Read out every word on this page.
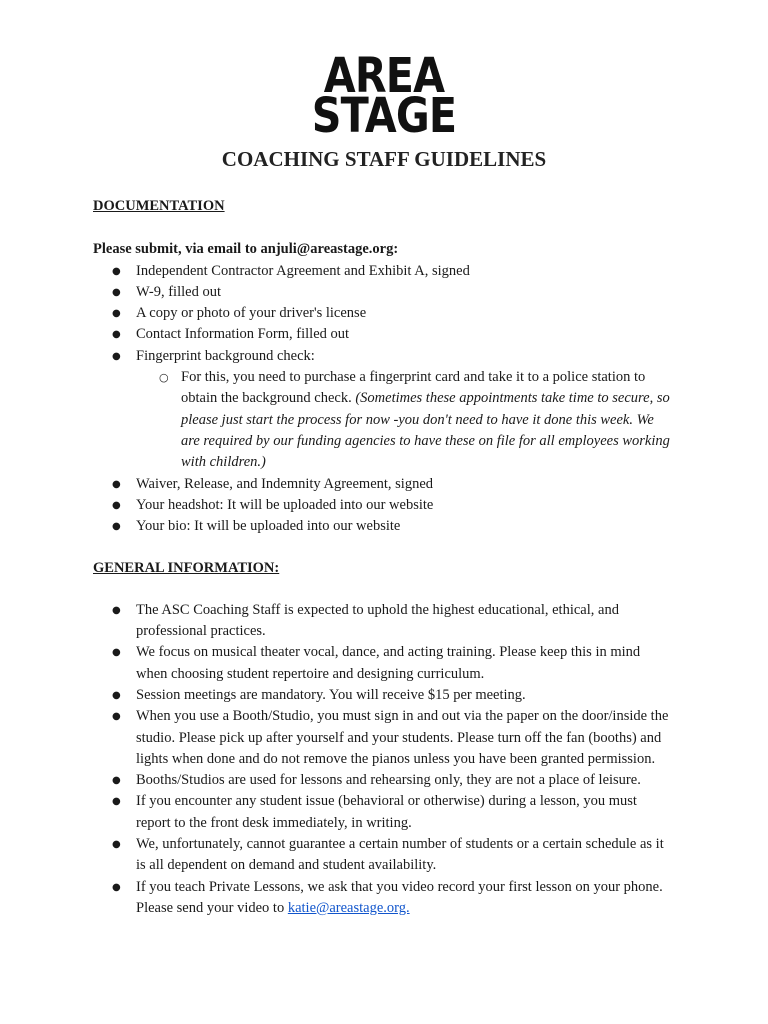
AREA
STAGE
COACHING STAFF GUIDELINES
DOCUMENTATION
Please submit, via email to anjuli@areastage.org:
● Independent Contractor Agreement and Exhibit A, signed
● W-9, filled out
● A copy or photo of your driver's license
● Contact Information Form, filled out
● Fingerprint background check:
○ For this, you need to purchase a fingerprint card and take it to a police station to obtain the background check. (Sometimes these appointments take time to secure, so please just start the process for now -you don't need to have it done this week. We are required by our funding agencies to have these on file for all employees working with children.)
● Waiver, Release, and Indemnity Agreement, signed
● Your headshot: It will be uploaded into our website
● Your bio: It will be uploaded into our website
GENERAL INFORMATION:
● The ASC Coaching Staff is expected to uphold the highest educational, ethical, and professional practices.
● We focus on musical theater vocal, dance, and acting training. Please keep this in mind when choosing student repertoire and designing curriculum.
● Session meetings are mandatory. You will receive $15 per meeting.
● When you use a Booth/Studio, you must sign in and out via the paper on the door/inside the studio. Please pick up after yourself and your students. Please turn off the fan (booths) and lights when done and do not remove the pianos unless you have been granted permission.
● Booths/Studios are used for lessons and rehearsing only, they are not a place of leisure.
● If you encounter any student issue (behavioral or otherwise) during a lesson, you must report to the front desk immediately, in writing.
● We, unfortunately, cannot guarantee a certain number of students or a certain schedule as it is all dependent on demand and student availability.
● If you teach Private Lessons, we ask that you video record your first lesson on your phone. Please send your video to katie@areastage.org.
